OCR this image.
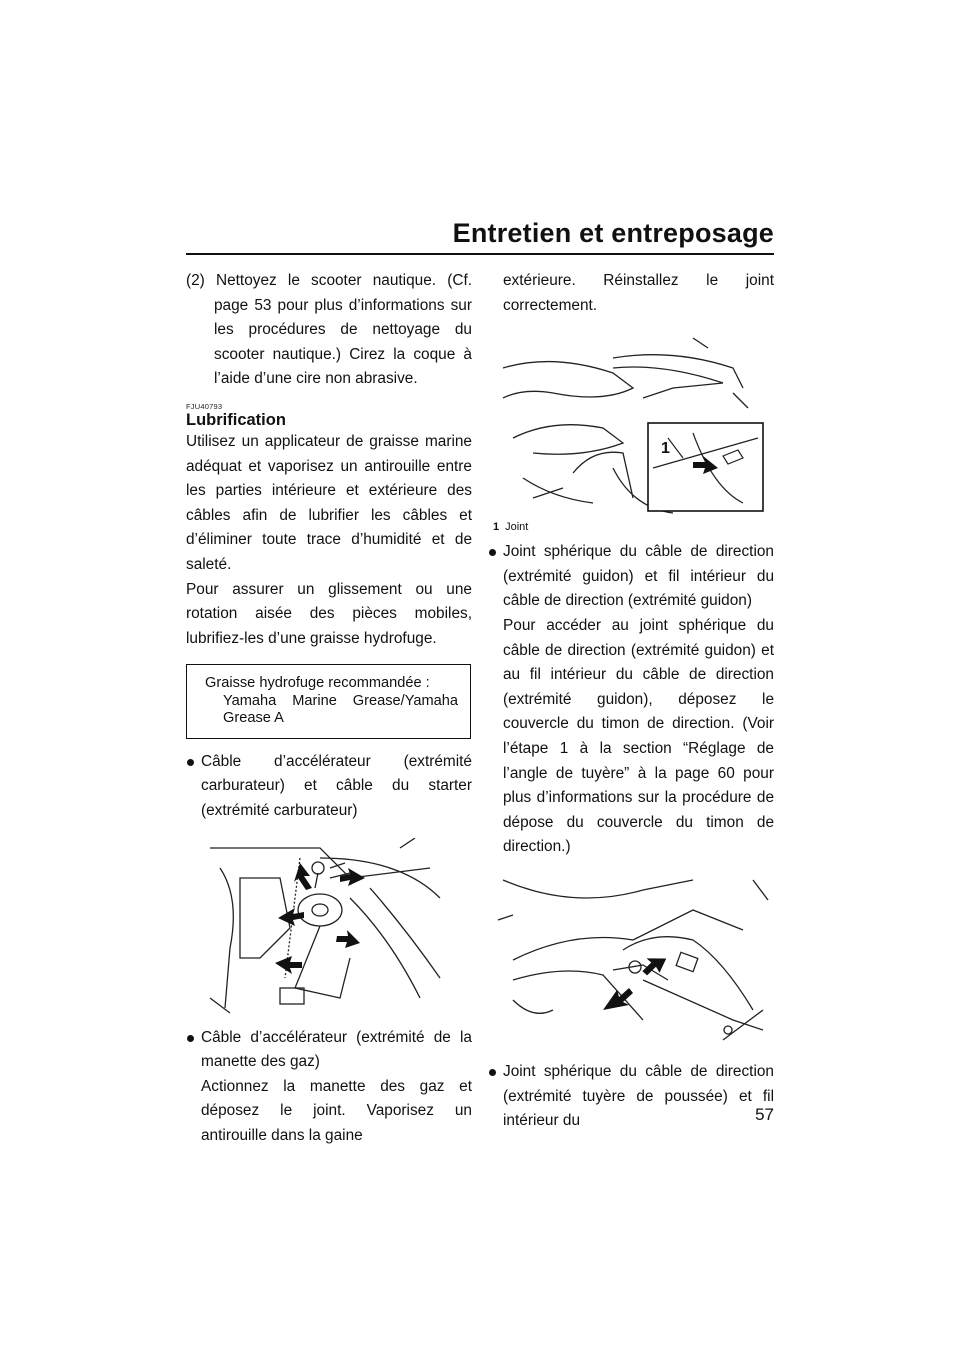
Entretien et entreposage

(2) Nettoyez le scooter nautique. (Cf. page 53 pour plus d’informations sur les procédures de nettoyage du scooter nautique.) Cirez la coque à l’aide d’une cire non abrasive.

FJU40793
Lubrification

Utilisez un applicateur de graisse marine adéquat et vaporisez un antirouille entre les parties intérieure et extérieure des câbles afin de lubrifier les câbles et d’éliminer toute trace d’humidité et de saleté.

Pour assurer un glissement ou une rotation aisée des pièces mobiles, lubrifiez-les d’une graisse hydrofuge.

Graisse hydrofuge recommandée :
Yamaha Marine Grease/Yamaha Grease A
Câble d’accélérateur (extrémité carburateur) et câble du starter (extrémité carburateur)
Câble d’accélérateur (extrémité de la manette des gaz)
Actionnez la manette des gaz et déposez le joint. Vaporisez un antirouille dans la gaine

extérieure. Réinstallez le joint correctement.

1
1 Joint
Joint sphérique du câble de direction (extrémité guidon) et fil intérieur du câble de direction (extrémité guidon)
Pour accéder au joint sphérique du câble de direction (extrémité guidon) et au fil intérieur du câble de direction (extrémité guidon), déposez le couvercle du timon de direction. (Voir l’étape 1 à la section “Réglage de l’angle de tuyère” à la page 60 pour plus d’informations sur la procédure de dépose du couvercle du timon de direction.)
Joint sphérique du câble de direction (extrémité tuyère de poussée) et fil intérieur du	57
